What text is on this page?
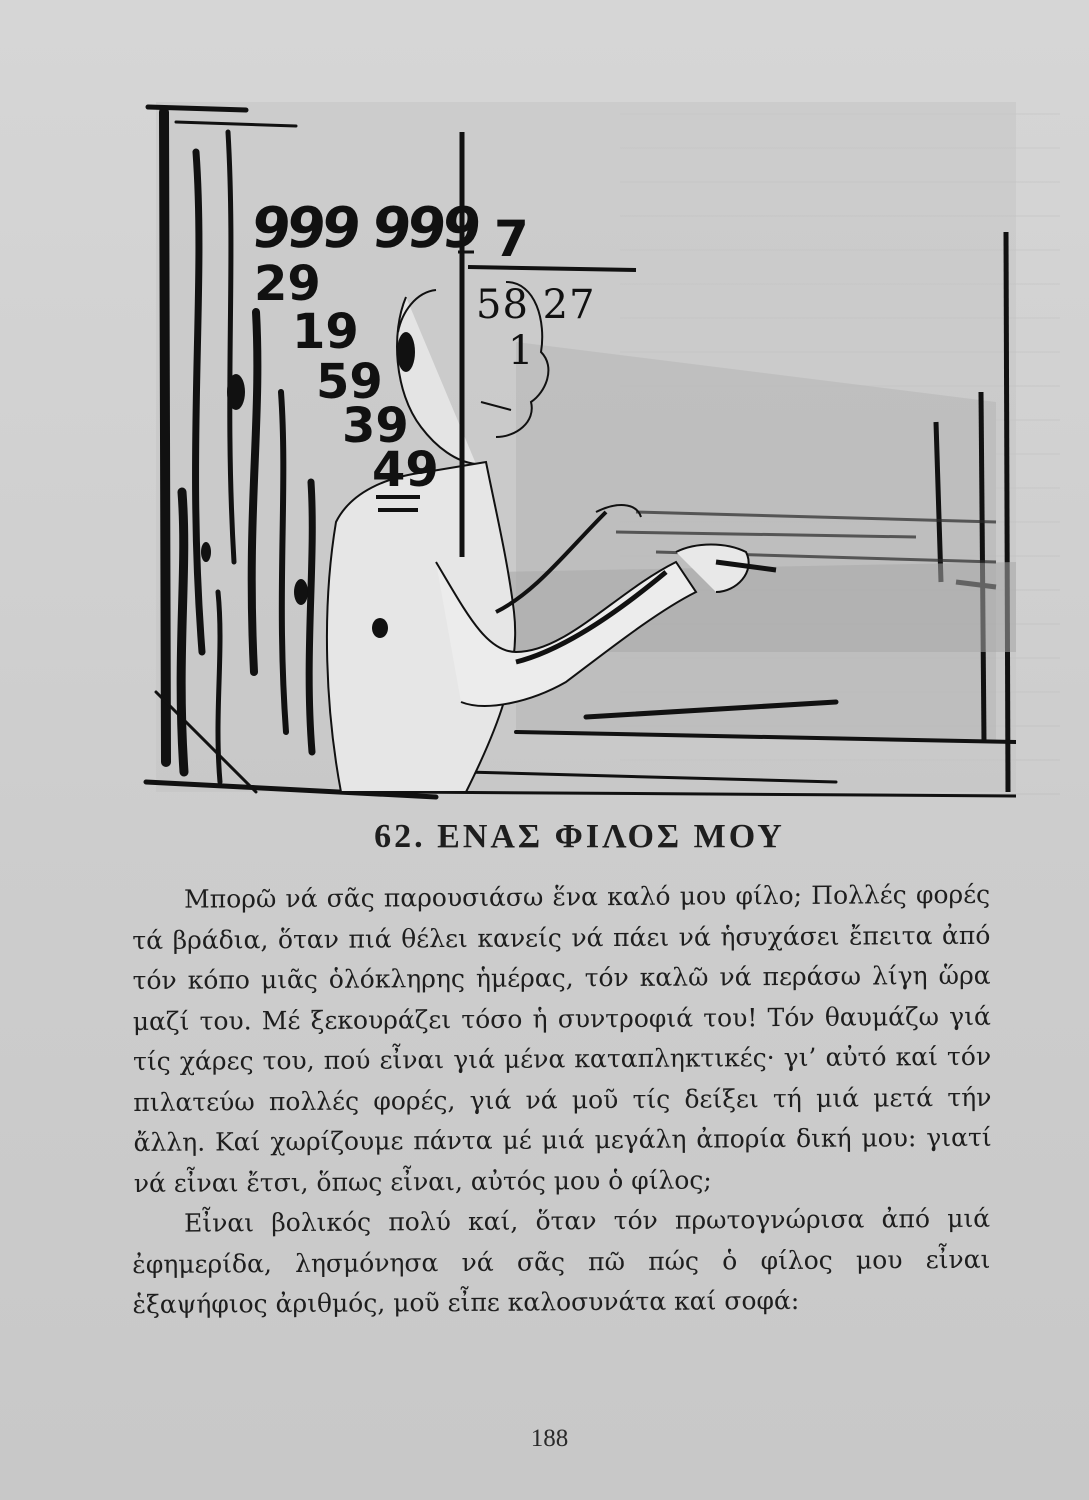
999 999 7
58 27
1
29
19
59
39
49
62. ΕΝΑΣ ΦΙΛΟΣ ΜΟΥ

Μπορῶ νά σᾶς παρουσιάσω ἕνα καλό μου φίλο; Πολλές φορές τά βράδια, ὅταν πιά θέλει κανείς νά πάει νά ἡσυχάσει ἔπειτα ἀπό τόν κόπο μιᾶς ὁλόκληρης ἡμέρας, τόν καλῶ νά περάσω λίγη ὥρα μαζί του. Μέ ξεκουράζει τόσο ἡ συντροφιά του! Τόν θαυμάζω γιά τίς χάρες του, πού εἶναι γιά μένα καταπληκτικές· γι’ αὐτό καί τόν πιλατεύω πολλές φορές, γιά νά μοῦ τίς δείξει τή μιά μετά τήν ἄλλη. Καί χωρίζουμε πάντα μέ μιά μεγάλη ἀπορία δική μου: γιατί νά εἶναι ἔτσι, ὅπως εἶναι, αὐτός μου ὁ φίλος;

Εἶναι βολικός πολύ καί, ὅταν τόν πρωτογνώρισα ἀπό μιά ἐφημερίδα, λησμόνησα νά σᾶς πῶ πώς ὁ φίλος μου εἶναι ἑξαψήφιος ἀριθμός, μοῦ εἶπε καλοσυνάτα καί σοφά:

188
